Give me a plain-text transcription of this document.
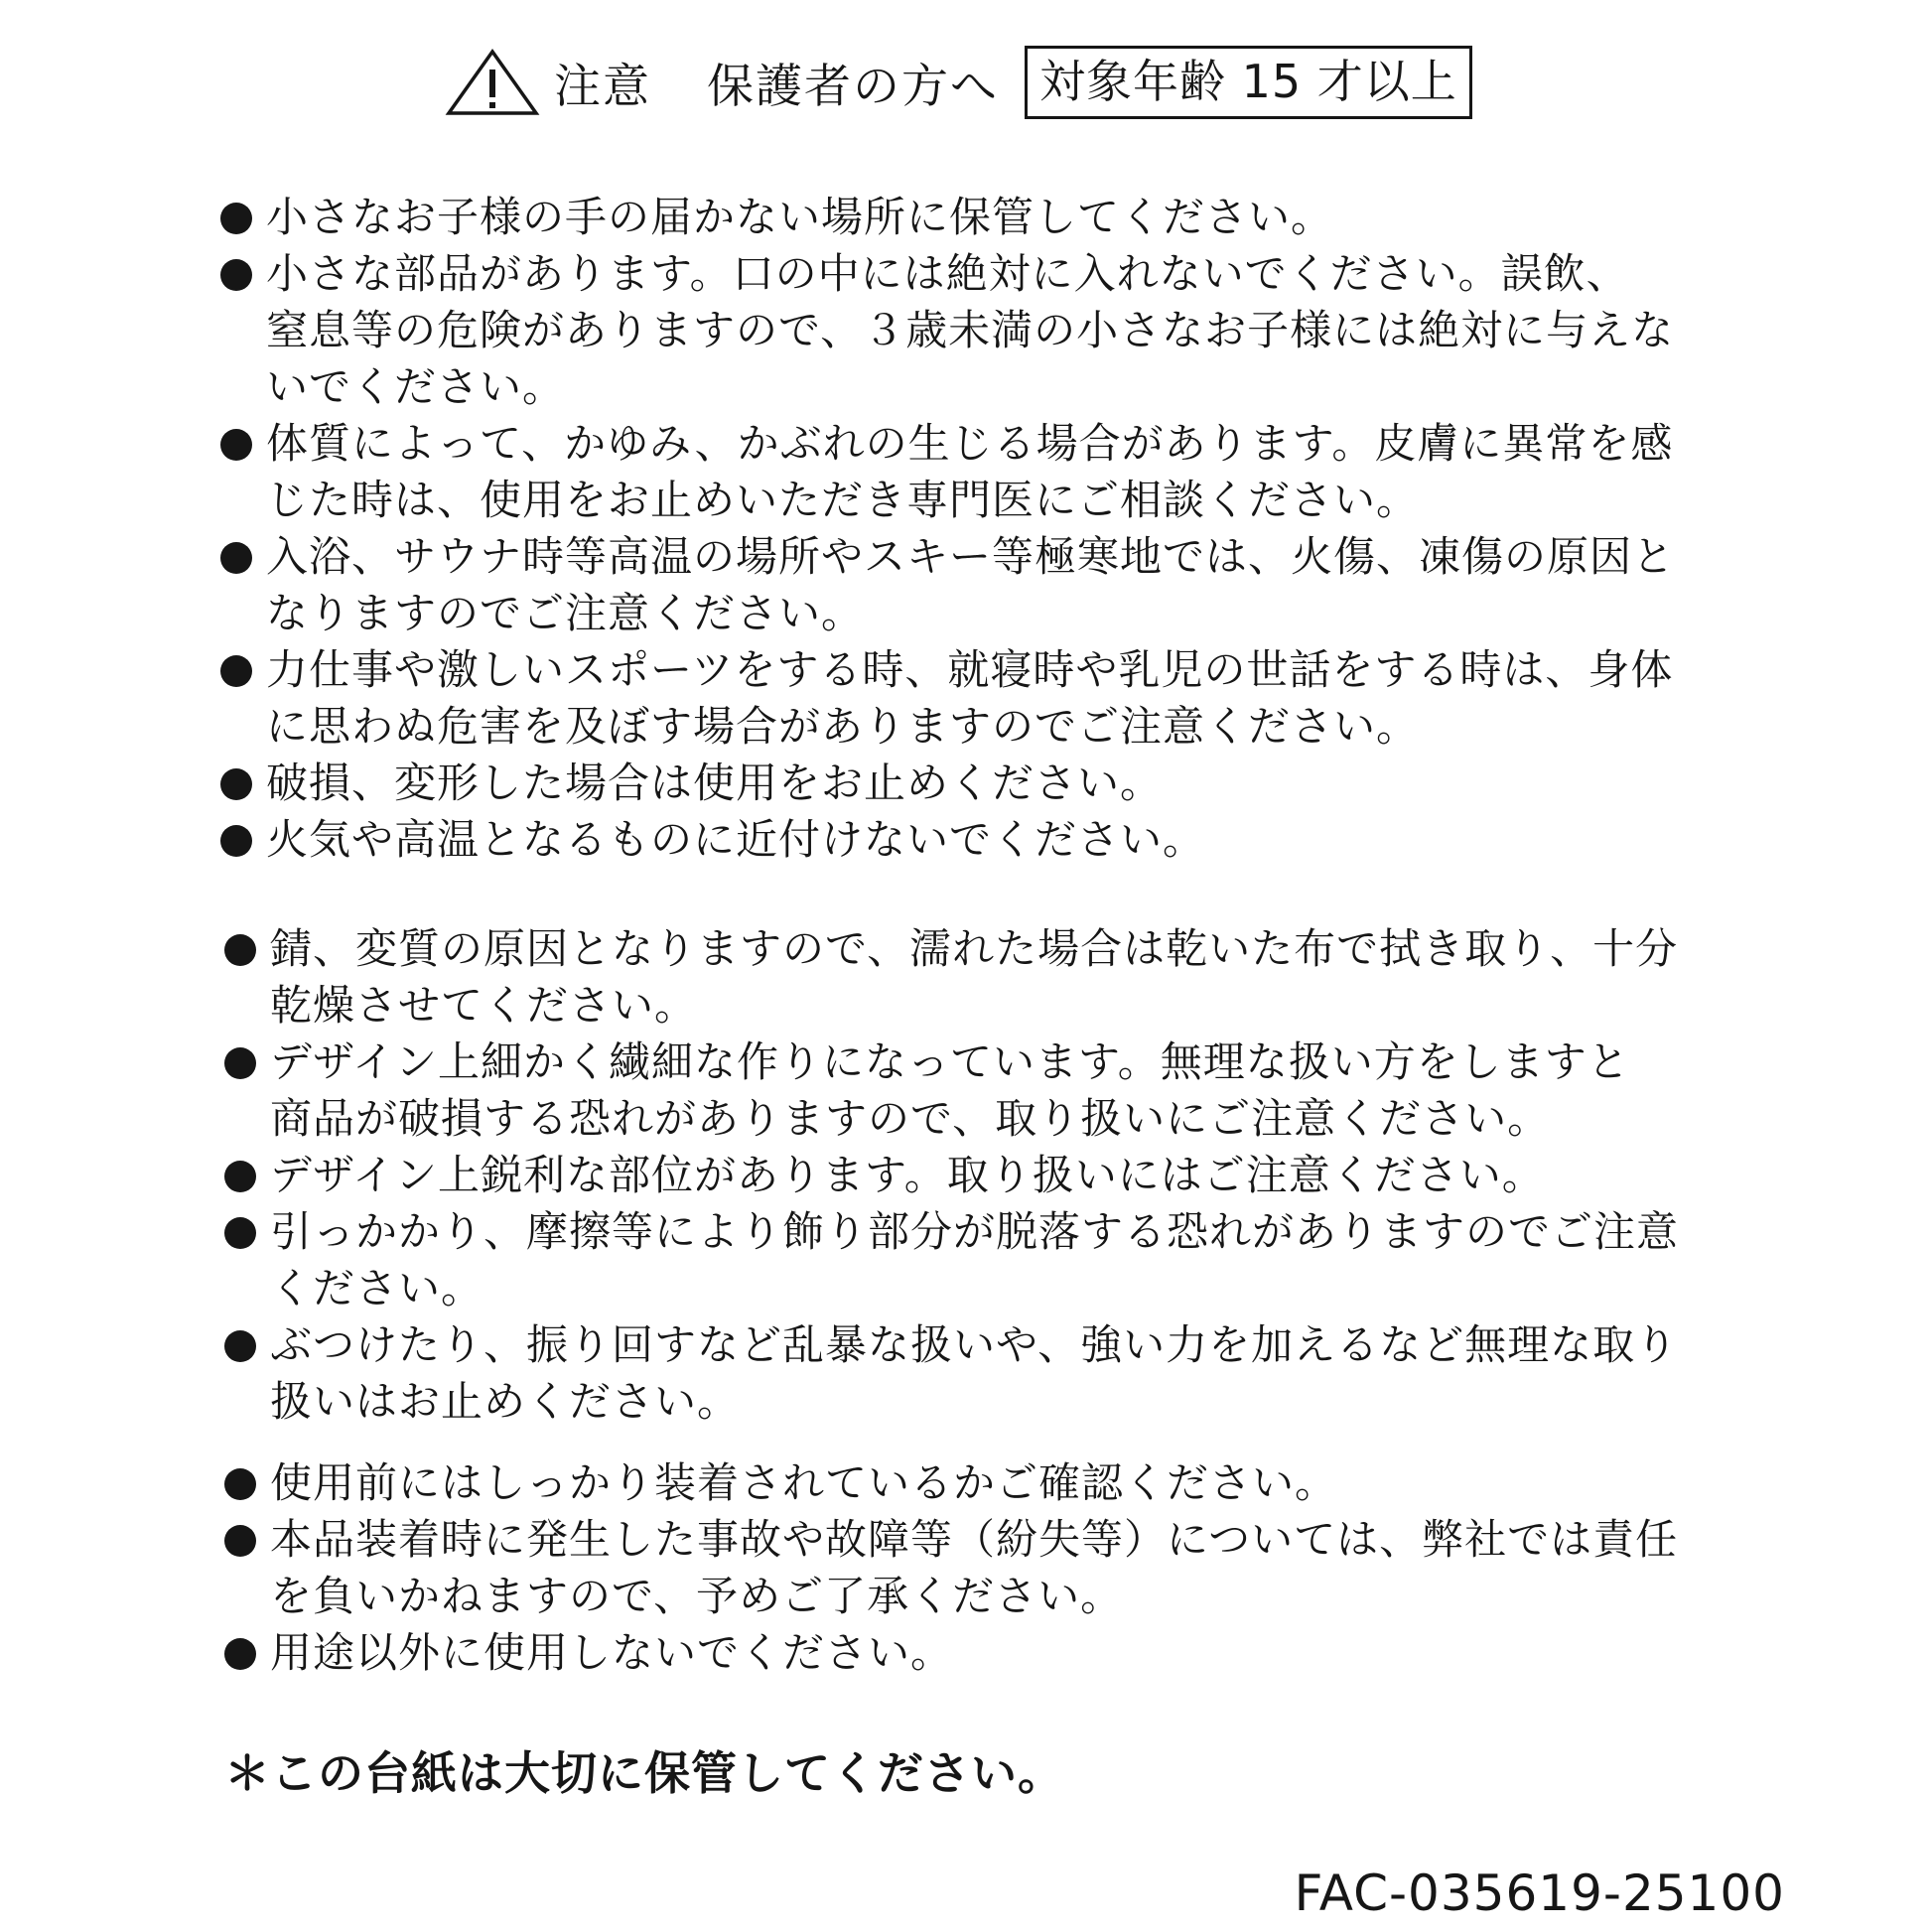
注意 保護者の方へ 対象年齢 15 才以上
小さなお子様の手の届かない場所に保管してください。
小さな部品があります。口の中には絶対に入れないでください。誤飲、
窒息等の危険がありますので、３歳未満の小さなお子様には絶対に与えな
いでください。
体質によって、かゆみ、かぶれの生じる場合があります。皮膚に異常を感
じた時は、使用をお止めいただき専門医にご相談ください。
入浴、サウナ時等高温の場所やスキー等極寒地では、火傷、凍傷の原因と
なりますのでご注意ください。
力仕事や激しいスポーツをする時、就寝時や乳児の世話をする時は、身体
に思わぬ危害を及ぼす場合がありますのでご注意ください。
破損、変形した場合は使用をお止めください。
火気や高温となるものに近付けないでください。
錆、変質の原因となりますので、濡れた場合は乾いた布で拭き取り、十分
乾燥させてください。
デザイン上細かく繊細な作りになっています。無理な扱い方をしますと
商品が破損する恐れがありますので、取り扱いにご注意ください。
デザイン上鋭利な部位があります。取り扱いにはご注意ください。
引っかかり、摩擦等により飾り部分が脱落する恐れがありますのでご注意
ください。
ぶつけたり、振り回すなど乱暴な扱いや、強い力を加えるなど無理な取り
扱いはお止めください。
使用前にはしっかり装着されているかご確認ください。
本品装着時に発生した事故や故障等（紛失等）については、弊社では責任
を負いかねますので、予めご了承ください。
用途以外に使用しないでください。
＊この台紙は大切に保管してください。
FAC-035619-25100
